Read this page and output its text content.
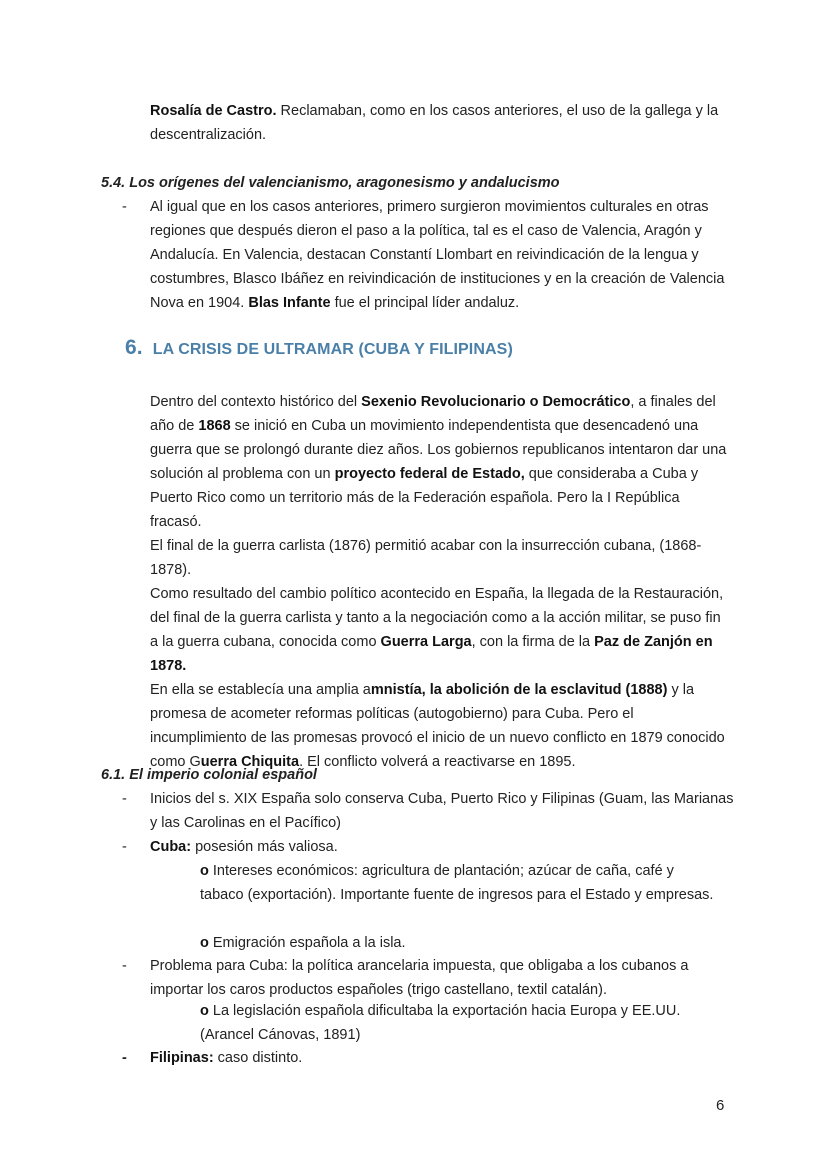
Rosalía de Castro. Reclamaban, como en los casos anteriores, el uso de la gallega y la descentralización.
5.4. Los orígenes del valencianismo, aragonesismo y andalucismo
- Al igual que en los casos anteriores, primero surgieron movimientos culturales en otras regiones que después dieron el paso a la política, tal es el caso de Valencia, Aragón y Andalucía. En Valencia, destacan Constantí Llombart en reivindicación de la lengua y costumbres, Blasco Ibáñez en reivindicación de instituciones y en la creación de Valencia Nova en 1904. Blas Infante fue el principal líder andaluz.
6. LA CRISIS DE ULTRAMAR (CUBA Y FILIPINAS)
Dentro del contexto histórico del Sexenio Revolucionario o Democrático, a finales del año de 1868 se inició en Cuba un movimiento independentista que desencadenó una guerra que se prolongó durante diez años. Los gobiernos republicanos intentaron dar una solución al problema con un proyecto federal de Estado, que consideraba a Cuba y Puerto Rico como un territorio más de la Federación española. Pero la I República fracasó.
El final de la guerra carlista (1876) permitió acabar con la insurrección cubana, (1868-1878).
Como resultado del cambio político acontecido en España, la llegada de la Restauración, del final de la guerra carlista y tanto a la negociación como a la acción militar, se puso fin a la guerra cubana, conocida como Guerra Larga, con la firma de la Paz de Zanjón en 1878.
En ella se establecía una amplia amnistía, la abolición de la esclavitud (1888) y la promesa de acometer reformas políticas (autogobierno) para Cuba. Pero el incumplimiento de las promesas provocó el inicio de un nuevo conflicto en 1879 conocido como Guerra Chiquita. El conflicto volverá a reactivarse en 1895.
6.1. El imperio colonial español
- Inicios del s. XIX España solo conserva Cuba, Puerto Rico y Filipinas (Guam, las Marianas y las Carolinas en el Pacífico)
- Cuba: posesión más valiosa.
o Intereses económicos: agricultura de plantación; azúcar de caña, café y tabaco (exportación). Importante fuente de ingresos para el Estado y empresas.
o Emigración española a la isla.
- Problema para Cuba: la política arancelaria impuesta, que obligaba a los cubanos a importar los caros productos españoles (trigo castellano, textil catalán).
o La legislación española dificultaba la exportación hacia Europa y EE.UU. (Arancel Cánovas, 1891)
- Filipinas: caso distinto.
6
